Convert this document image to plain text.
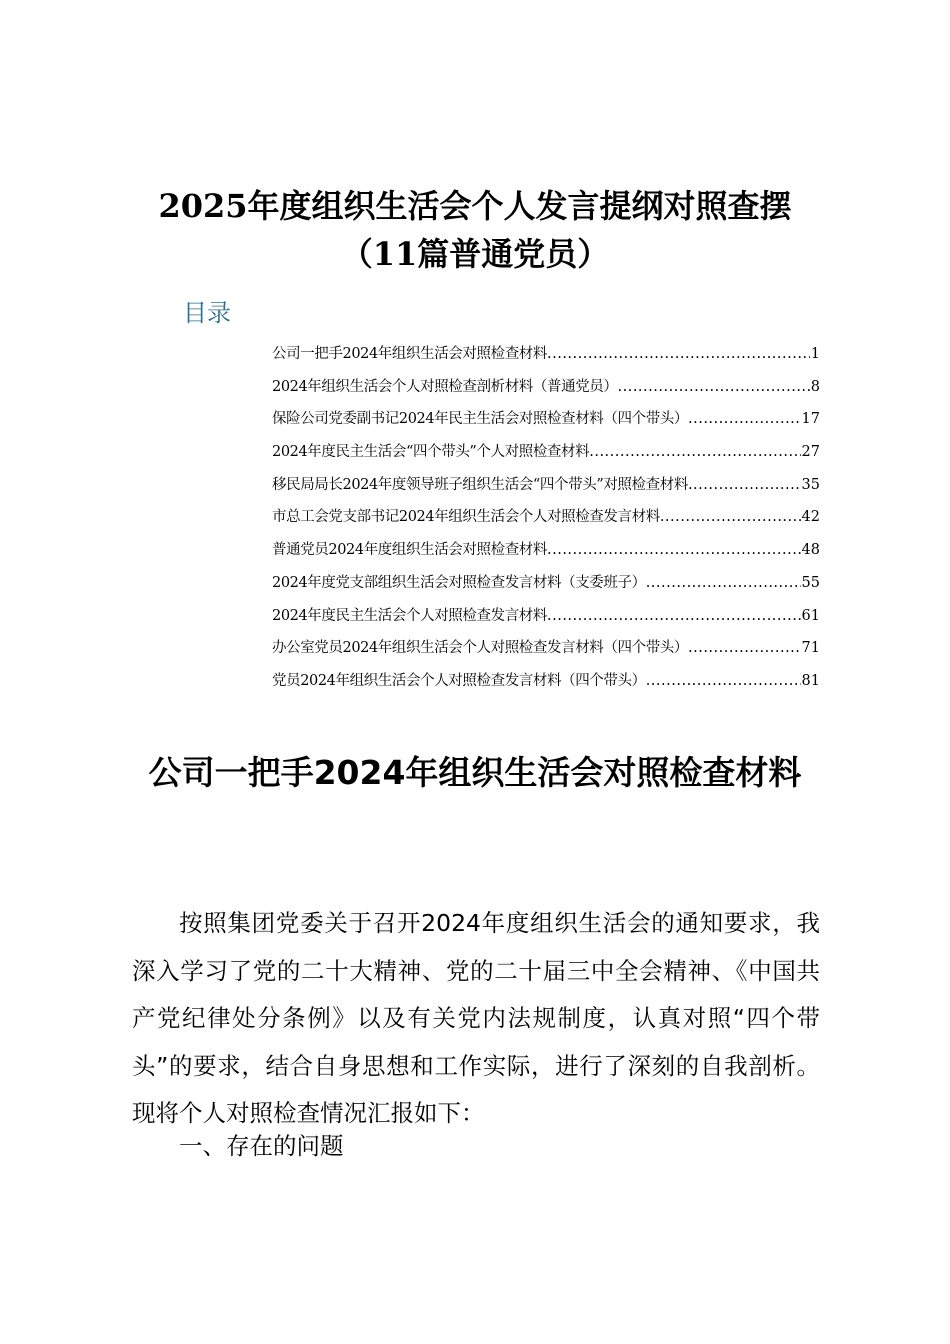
2025年度组织生活会个人发言提纲对照查摆
（11篇普通党员）
目录
公司一把手2024年组织生活会对照检查材料 .....	1
2024年组织生活会个人对照检查剖析材料（普通党员） .....	8
保险公司党委副书记2024年民主生活会对照检查材料（四个带头） .....	17
2024年度民主生活会“四个带头”个人对照检查材料 .....	27
移民局局长2024年度领导班子组织生活会“四个带头”对照检查材料 .....	35
市总工会党支部书记2024年组织生活会个人对照检查发言材料 .....	42
普通党员2024年度组织生活会对照检查材料 .....	48
2024年度党支部组织生活会对照检查发言材料（支委班子） .....	55
2024年度民主生活会个人对照检查发言材料 .....	61
办公室党员2024年组织生活会个人对照检查发言材料（四个带头） .....	71
党员2024年组织生活会个人对照检查发言材料（四个带头） .....	81
公司一把手2024年组织生活会对照检查材料

按照集团党委关于召开2024年度组织生活会的通知要求，我深入学习了党的二十大精神、党的二十届三中全会精神、《中国共产党纪律处分条例》以及有关党内法规制度，认真对照“四个带头”的要求，结合自身思想和工作实际，进行了深刻的自我剖析。现将个人对照检查情况汇报如下：

一、存在的问题
